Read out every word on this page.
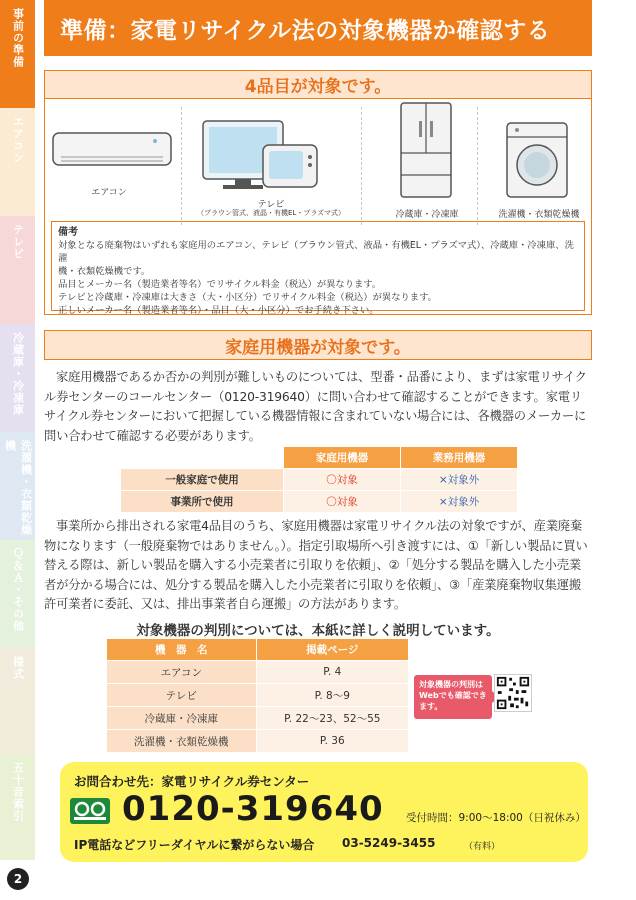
事前の準備
エアコン
テレビ
冷蔵庫・冷凍庫
洗濯機・衣類乾燥機
Ｑ＆Ａ・その他
様式
五十音索引
2
準備：家電リサイクル法の対象機器か確認する
4品目が対象です。
エアコン
テレビ
（ブラウン管式、液晶・有機EL・プラズマ式）	冷蔵庫・冷凍庫	洗濯機・衣類乾燥機
備考
対象となる廃棄物はいずれも家庭用のエアコン、テレビ（ブラウン管式、液晶・有機EL・プラズマ式）、冷蔵庫・冷凍庫、洗濯
機・衣類乾燥機です。
品目とメーカー名（製造業者等名）でリサイクル料金（税込）が異なります。
テレビと冷蔵庫・冷凍庫は大きさ（大・小区分）でリサイクル料金（税込）が異なります。
正しいメーカー名（製造業者等名）・品目（大・小区分）でお手続き下さい。
家庭用機器が対象です。
家庭用機器であるか否かの判別が難しいものについては、型番・品番により、まずは家電リサイクル券センターのコールセンター（0120-319640）に問い合わせて確認することができます。家電リサイクル券センターにおいて把握している機器情報に含まれていない場合には、各機器のメーカーに問い合わせて確認する必要があります。
	家庭用機器	業務用機器
一般家庭で使用	〇対象	×対象外
事業所で使用	〇対象	×対象外
事業所から排出される家電4品目のうち、家庭用機器は家電リサイクル法の対象ですが、産業廃棄物になります（一般廃棄物ではありません。）。指定引取場所へ引き渡すには、①「新しい製品に買い替える際は、新しい製品を購入する小売業者に引取りを依頼」、②「処分する製品を購入した小売業者が分かる場合には、処分する製品を購入した小売業者に引取りを依頼」、③「産業廃棄物収集運搬許可業者に委託、又は、排出事業者自ら運搬」の方法があります。
対象機器の判別については、本紙に詳しく説明しています。
機　器　名	掲載ページ
エアコン	P. 4
テレビ	P. 8～9
冷蔵庫・冷凍庫	P. 22～23、52～55
洗濯機・衣類乾燥機	P. 36
対象機器の判別は Webでも確認できます。
お問合わせ先：家電リサイクル券センター
0120-319640 受付時間：9:00～18:00（日祝休み）
IP電話などフリーダイヤルに繋がらない場合 03-5249-3455	（有料）
